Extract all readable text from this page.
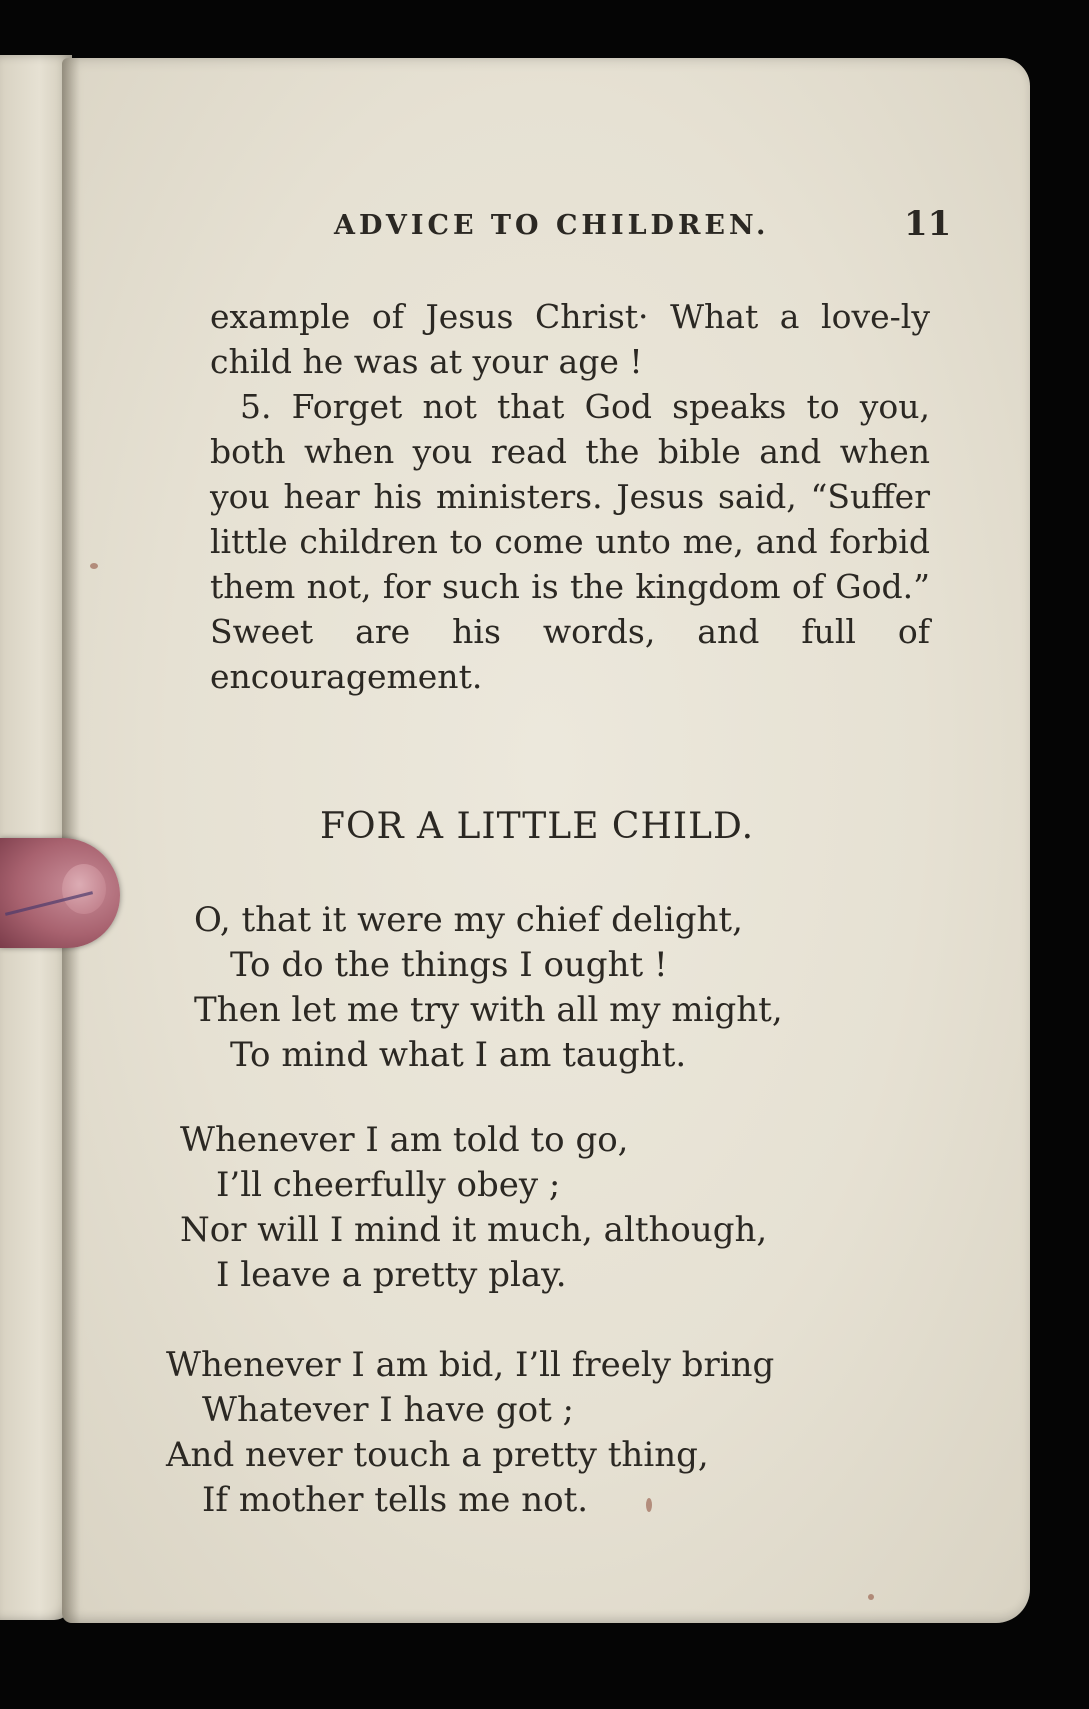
ADVICE TO CHILDREN.	11

example of Jesus Christ· What a love-ly child he was at your age !

5. Forget not that God speaks to you, both when you read the bible and when you hear his ministers. Jesus said, “Suffer little children to come unto me, and forbid them not, for such is the kingdom of God.” Sweet are his words, and full of encouragement.

FOR A LITTLE CHILD.
O, that it were my chief delight,
To do the things I ought !
Then let me try with all my might,
To mind what I am taught.
Whenever I am told to go,
I’ll cheerfully obey ;
Nor will I mind it much, although,
I leave a pretty play.
Whenever I am bid, I’ll freely bring
Whatever I have got ;
And never touch a pretty thing,
If mother tells me not.
